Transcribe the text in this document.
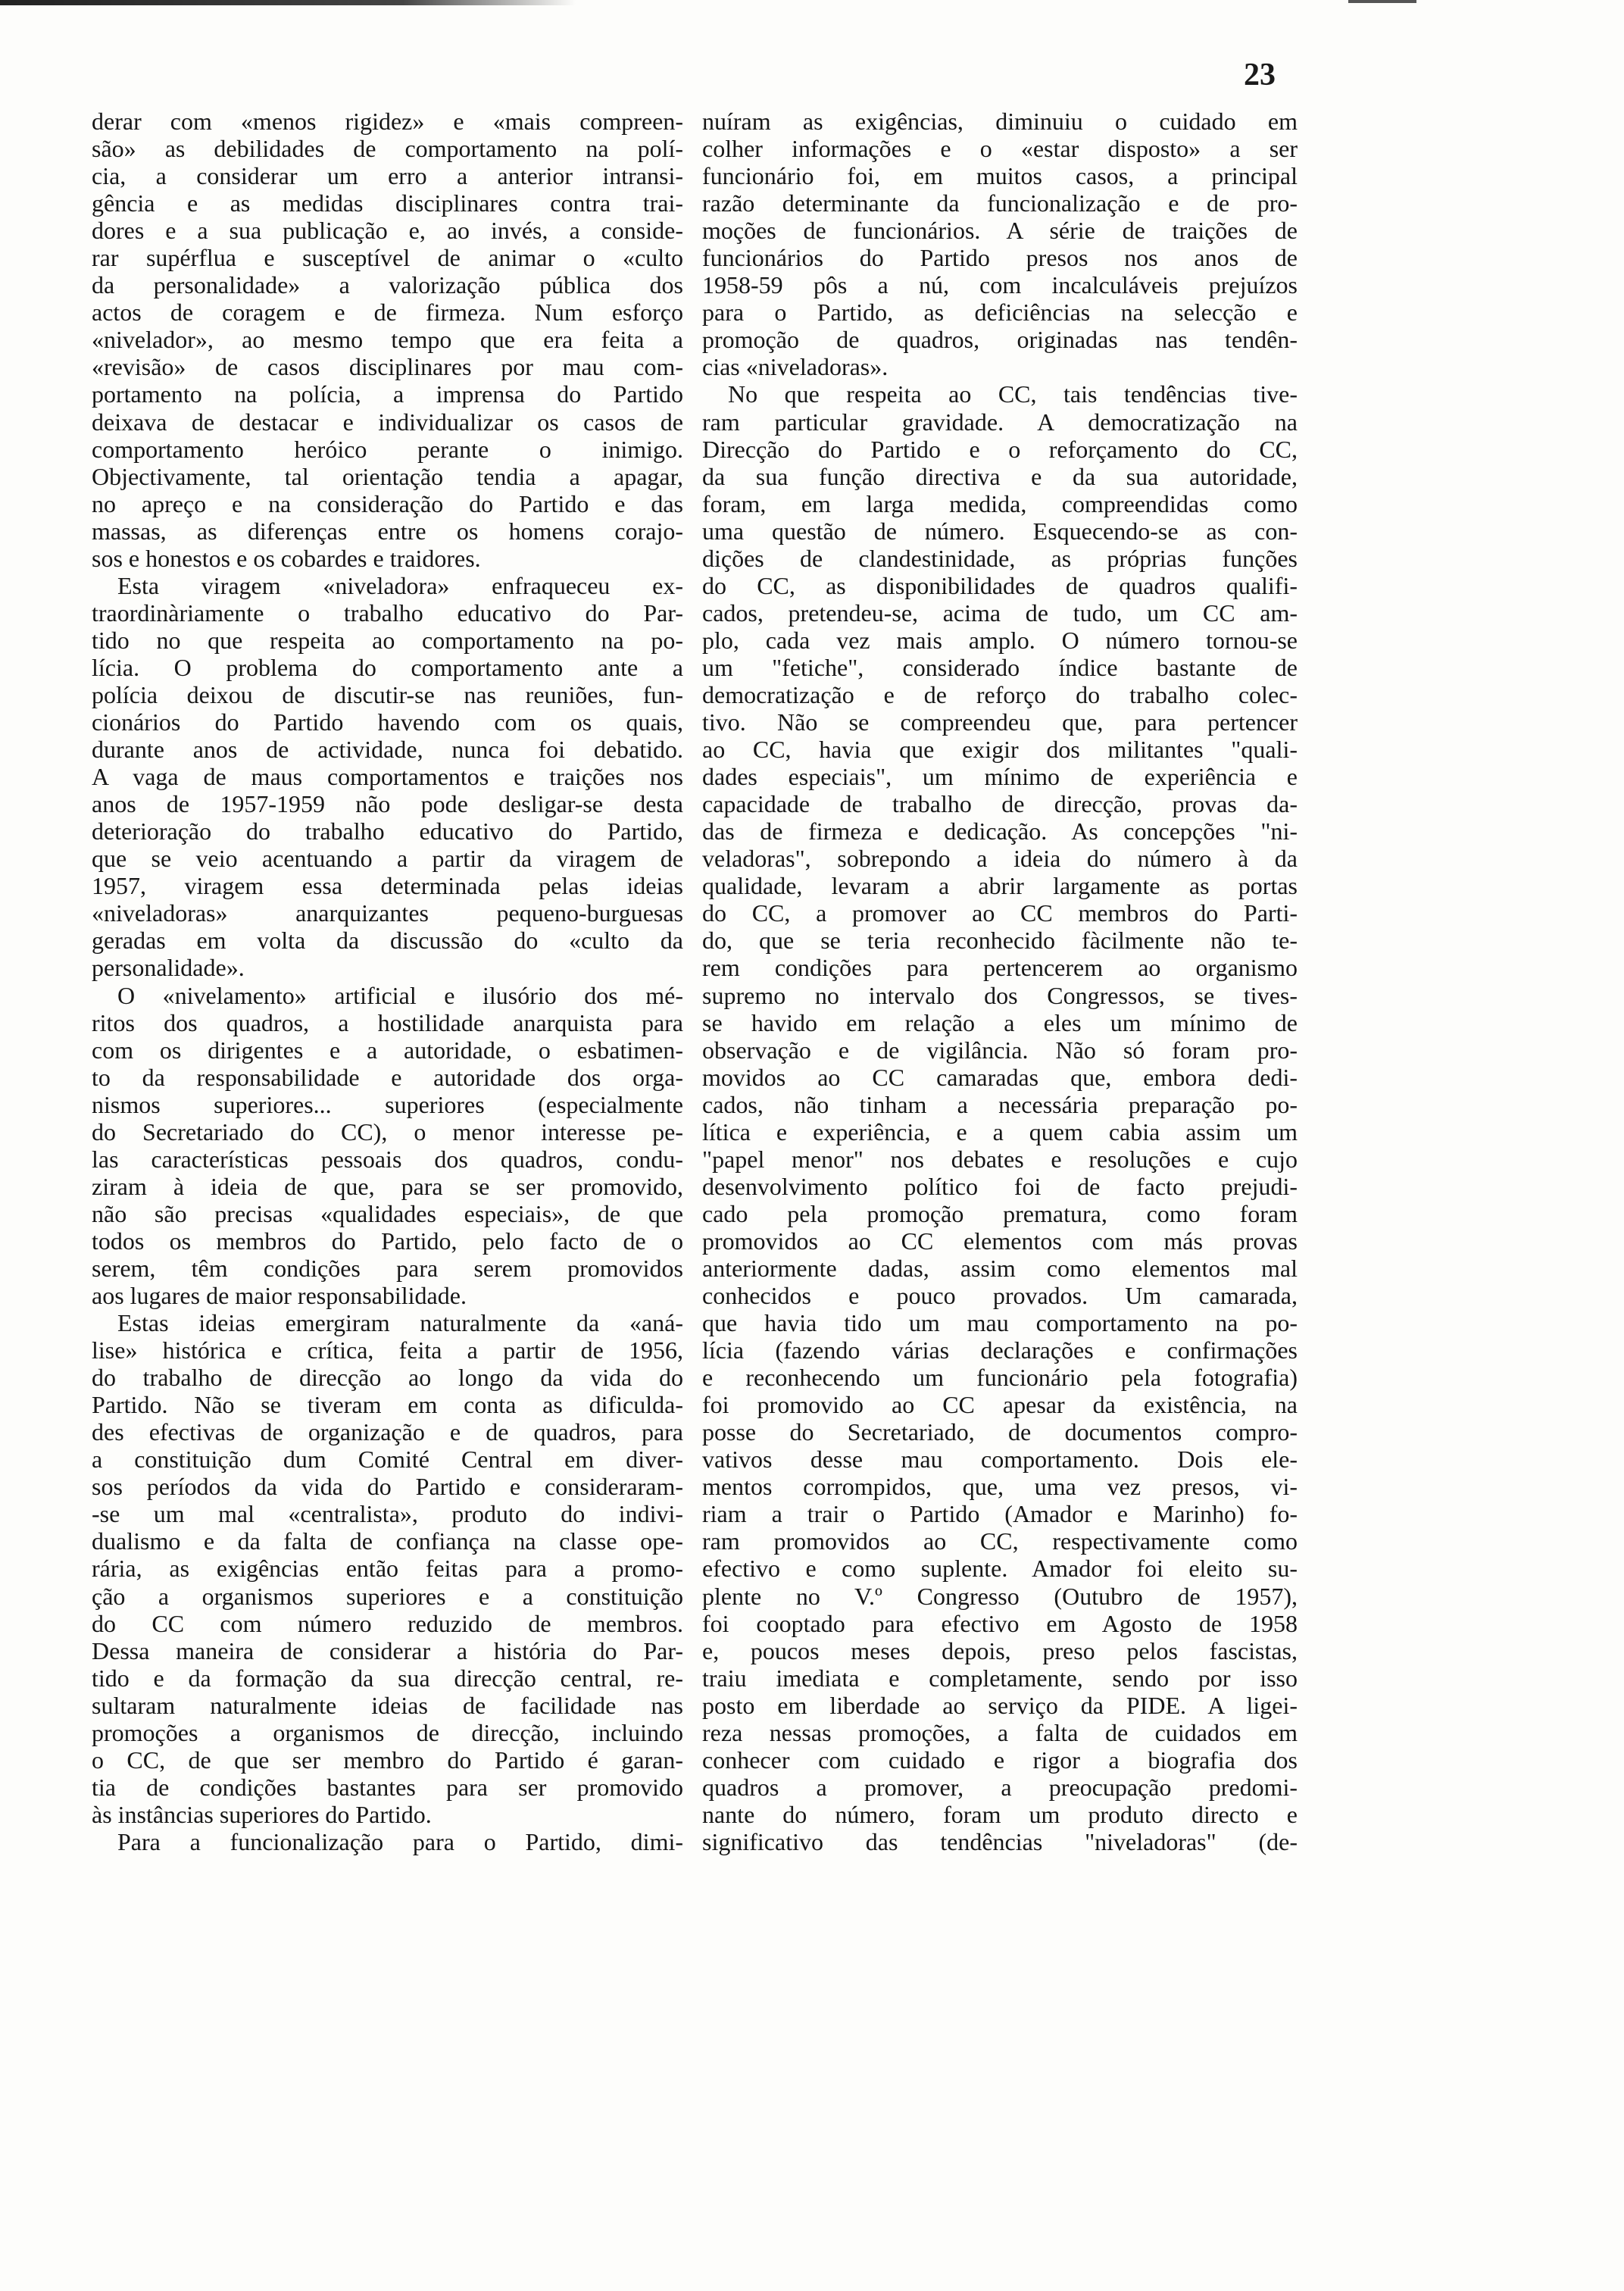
23
derar com «menos rigidez» e «mais compreen-
são» as debilidades de comportamento na polí-
cia, a considerar um erro a anterior intransi-
gência e as medidas disciplinares contra trai-
dores e a sua publicação e, ao invés, a conside-
rar supérflua e susceptível de animar o «culto
da personalidade» a valorização pública dos
actos de coragem e de firmeza. Num esforço
«nivelador», ao mesmo tempo que era feita a
«revisão» de casos disciplinares por mau com-
portamento na polícia, a imprensa do Partido
deixava de destacar e individualizar os casos de
comportamento heróico perante o inimigo.
Objectivamente, tal orientação tendia a apagar,
no apreço e na consideração do Partido e das
massas, as diferenças entre os homens corajo-
sos e honestos e os cobardes e traidores.
Esta viragem «niveladora» enfraqueceu ex-
traordinàriamente o trabalho educativo do Par-
tido no que respeita ao comportamento na po-
lícia. O problema do comportamento ante a
polícia deixou de discutir-se nas reuniões, fun-
cionários do Partido havendo com os quais,
durante anos de actividade, nunca foi debatido.
A vaga de maus comportamentos e traições nos
anos de 1957-1959 não pode desligar-se desta
deterioração do trabalho educativo do Partido,
que se veio acentuando a partir da viragem de
1957, viragem essa determinada pelas ideias
«niveladoras» anarquizantes pequeno-burguesas
geradas em volta da discussão do «culto da
personalidade».
O «nivelamento» artificial e ilusório dos mé-
ritos dos quadros, a hostilidade anarquista para
com os dirigentes e a autoridade, o esbatimen-
to da responsabilidade e autoridade dos orga-
nismos superiores... superiores (especialmente
do Secretariado do CC), o menor interesse pe-
las características pessoais dos quadros, condu-
ziram à ideia de que, para se ser promovido,
não são precisas «qualidades especiais», de que
todos os membros do Partido, pelo facto de o
serem, têm condições para serem promovidos
aos lugares de maior responsabilidade.
Estas ideias emergiram naturalmente da «aná-
lise» histórica e crítica, feita a partir de 1956,
do trabalho de direcção ao longo da vida do
Partido. Não se tiveram em conta as dificulda-
des efectivas de organização e de quadros, para
a constituição dum Comité Central em diver-
sos períodos da vida do Partido e consideraram-
-se um mal «centralista», produto do indivi-
dualismo e da falta de confiança na classe ope-
rária, as exigências então feitas para a promo-
ção a organismos superiores e a constituição
do CC com número reduzido de membros.
Dessa maneira de considerar a história do Par-
tido e da formação da sua direcção central, re-
sultaram naturalmente ideias de facilidade nas
promoções a organismos de direcção, incluindo
o CC, de que ser membro do Partido é garan-
tia de condições bastantes para ser promovido
às instâncias superiores do Partido.
Para a funcionalização para o Partido, dimi-
nuíram as exigências, diminuiu o cuidado em
colher informações e o «estar disposto» a ser
funcionário foi, em muitos casos, a principal
razão determinante da funcionalização e de pro-
moções de funcionários. A série de traições de
funcionários do Partido presos nos anos de
1958-59 pôs a nú, com incalculáveis prejuízos
para o Partido, as deficiências na selecção e
promoção de quadros, originadas nas tendên-
cias «niveladoras».
No que respeita ao CC, tais tendências tive-
ram particular gravidade. A democratização na
Direcção do Partido e o reforçamento do CC,
da sua função directiva e da sua autoridade,
foram, em larga medida, compreendidas como
uma questão de número. Esquecendo-se as con-
dições de clandestinidade, as próprias funções
do CC, as disponibilidades de quadros qualifi-
cados, pretendeu-se, acima de tudo, um CC am-
plo, cada vez mais amplo. O número tornou-se
um "fetiche", considerado índice bastante de
democratização e de reforço do trabalho colec-
tivo. Não se compreendeu que, para pertencer
ao CC, havia que exigir dos militantes "quali-
dades especiais", um mínimo de experiência e
capacidade de trabalho de direcção, provas da-
das de firmeza e dedicação. As concepções "ni-
veladoras", sobrepondo a ideia do número à da
qualidade, levaram a abrir largamente as portas
do CC, a promover ao CC membros do Parti-
do, que se teria reconhecido fàcilmente não te-
rem condições para pertencerem ao organismo
supremo no intervalo dos Congressos, se tives-
se havido em relação a eles um mínimo de
observação e de vigilância. Não só foram pro-
movidos ao CC camaradas que, embora dedi-
cados, não tinham a necessária preparação po-
lítica e experiência, e a quem cabia assim um
"papel menor" nos debates e resoluções e cujo
desenvolvimento político foi de facto prejudi-
cado pela promoção prematura, como foram
promovidos ao CC elementos com más provas
anteriormente dadas, assim como elementos mal
conhecidos e pouco provados. Um camarada,
que havia tido um mau comportamento na po-
lícia (fazendo várias declarações e confirmações
e reconhecendo um funcionário pela fotografia)
foi promovido ao CC apesar da existência, na
posse do Secretariado, de documentos compro-
vativos desse mau comportamento. Dois ele-
mentos corrompidos, que, uma vez presos, vi-
riam a trair o Partido (Amador e Marinho) fo-
ram promovidos ao CC, respectivamente como
efectivo e como suplente. Amador foi eleito su-
plente no V.º Congresso (Outubro de 1957),
foi cooptado para efectivo em Agosto de 1958
e, poucos meses depois, preso pelos fascistas,
traiu imediata e completamente, sendo por isso
posto em liberdade ao serviço da PIDE. A ligei-
reza nessas promoções, a falta de cuidados em
conhecer com cuidado e rigor a biografia dos
quadros a promover, a preocupação predomi-
nante do número, foram um produto directo e
significativo das tendências "niveladoras" (de-
